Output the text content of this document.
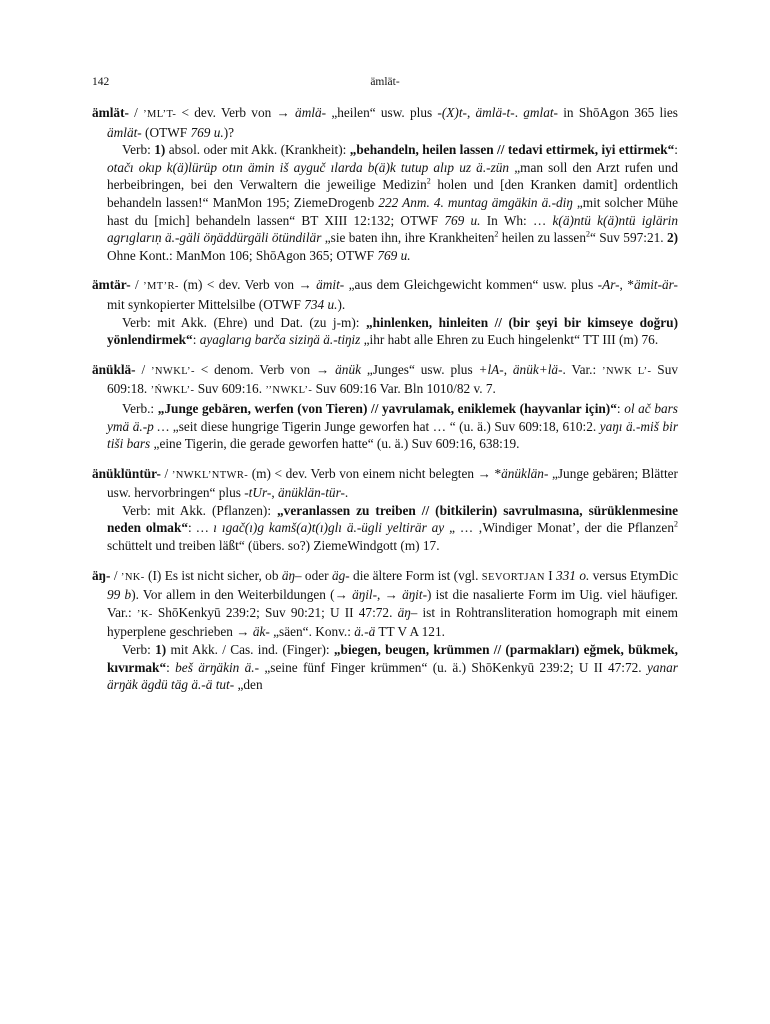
142	ämlät-

ämlät- / ’ML’T- < dev. Verb von → ämlä- „heilen“ usw. plus -(X)t-, ämlä-t-. a̱mlat- in ShōAgon 365 lies ämlät- (OTWF 769 u.)?

Verb: 1) absol. oder mit Akk. (Krankheit): „behandeln, heilen lassen // tedavi ettirmek, iyi ettirmek“: otačı okıp k(ä)lürüp otın ämin iš ayguč ılarda b(ä)k tutup alıp uz ä.-zün „man soll den Arzt rufen und herbeibringen, bei den Verwaltern die jeweilige Medizin$^2$ holen und [den Kranken damit] ordentlich behandeln lassen!“ ManMon 195; ZiemeDrogenb 222 Anm. 4. muntag ämgäkin ä.-diŋ „mit solcher Mühe hast du [mich] behandeln lassen“ BT XIII 12:132; OTWF 769 u. In Wh: … k(ä)ntü k(ä)ntü iglärin agrıglarıṇ ä.-gäli öŋäddürgäli ötündilär „sie baten ihn, ihre Krankheiten$^2$ heilen zu lassen$^2$“ Suv 597:21. 2) Ohne Kont.: ManMon 106; ShōAgon 365; OTWF 769 u.

ämtär- / ’MT’R- (m) < dev. Verb von → ämit- „aus dem Gleichgewicht kommen“ usw. plus -Ar-, *ämit-är- mit synkopierter Mittelsilbe (OTWF 734 u.).

Verb: mit Akk. (Ehre) und Dat. (zu j-m): „hinlenken, hinleiten // (bir şeyi bir kimseye doğru) yönlendirmek“: ayaglarıg barča siziŋä ä.-tiŋiz „ihr habt alle Ehren zu Euch hingelenkt“ TT III (m) 76.

änüklä- / ’NWKL’- < denom. Verb von → änük „Junges“ usw. plus +lA-, änük+lä-. Var.: ’NWK L’- Suv 609:18. ’ŃWKL’- Suv 609:16. ’’NWKL’- Suv 609:16 Var. Bln 1010/82 v. 7.

Verb.: „Junge gebären, werfen (von Tieren) // yavrulamak, eniklemek (hayvanlar için)“: ol ač bars ymä ä.-p … „seit diese hungrige Tigerin Junge geworfen hat … “ (u. ä.) Suv 609:18, 610:2. yaŋı ä.-miš bir tiši bars „eine Tigerin, die gerade geworfen hatte“ (u. ä.) Suv 609:16, 638:19.

änüklüntür- / ’NWKL’NTWR- (m) < dev. Verb von einem nicht belegten → *änüklän- „Junge gebären; Blätter usw. hervorbringen“ plus -tUr-, änüklän-tür-.

Verb: mit Akk. (Pflanzen): „veranlassen zu treiben // (bitkilerin) savrulmasına, sürüklenmesine neden olmak“: … ı ıgač(ı)g kamš(a)t(ı)glı ä.-ügli yeltirär ay „ … ‚Windiger Monat’, der die Pflanzen$^2$ schüttelt und treiben läßt“ (übers. so?) ZiemeWindgott (m) 17.

äŋ- / ’NK- (I) Es ist nicht sicher, ob äŋ– oder äg- die ältere Form ist (vgl. SEVORTJAN I 331 o. versus EtymDic 99 b). Vor allem in den Weiterbildungen (→ äŋil-, → äŋit-) ist die nasalierte Form im Uig. viel häufiger. Var.: ’K- ShōKenkyū 239:2; Suv 90:21; U II 47:72. äŋ– ist in Rohtransliteration homograph mit einem hyperplene geschrieben → äk- „säen“. Konv.: ä.-ä TT V A 121.

Verb: 1) mit Akk. / Cas. ind. (Finger): „biegen, beugen, krümmen // (parmakları) eğmek, bükmek, kıvırmak“: beš ärŋäkin ä.- „seine fünf Finger krümmen“ (u. ä.) ShōKenkyū 239:2; U II 47:72. yanar ärŋäk ägdü täg ä.-ä tut- „den
